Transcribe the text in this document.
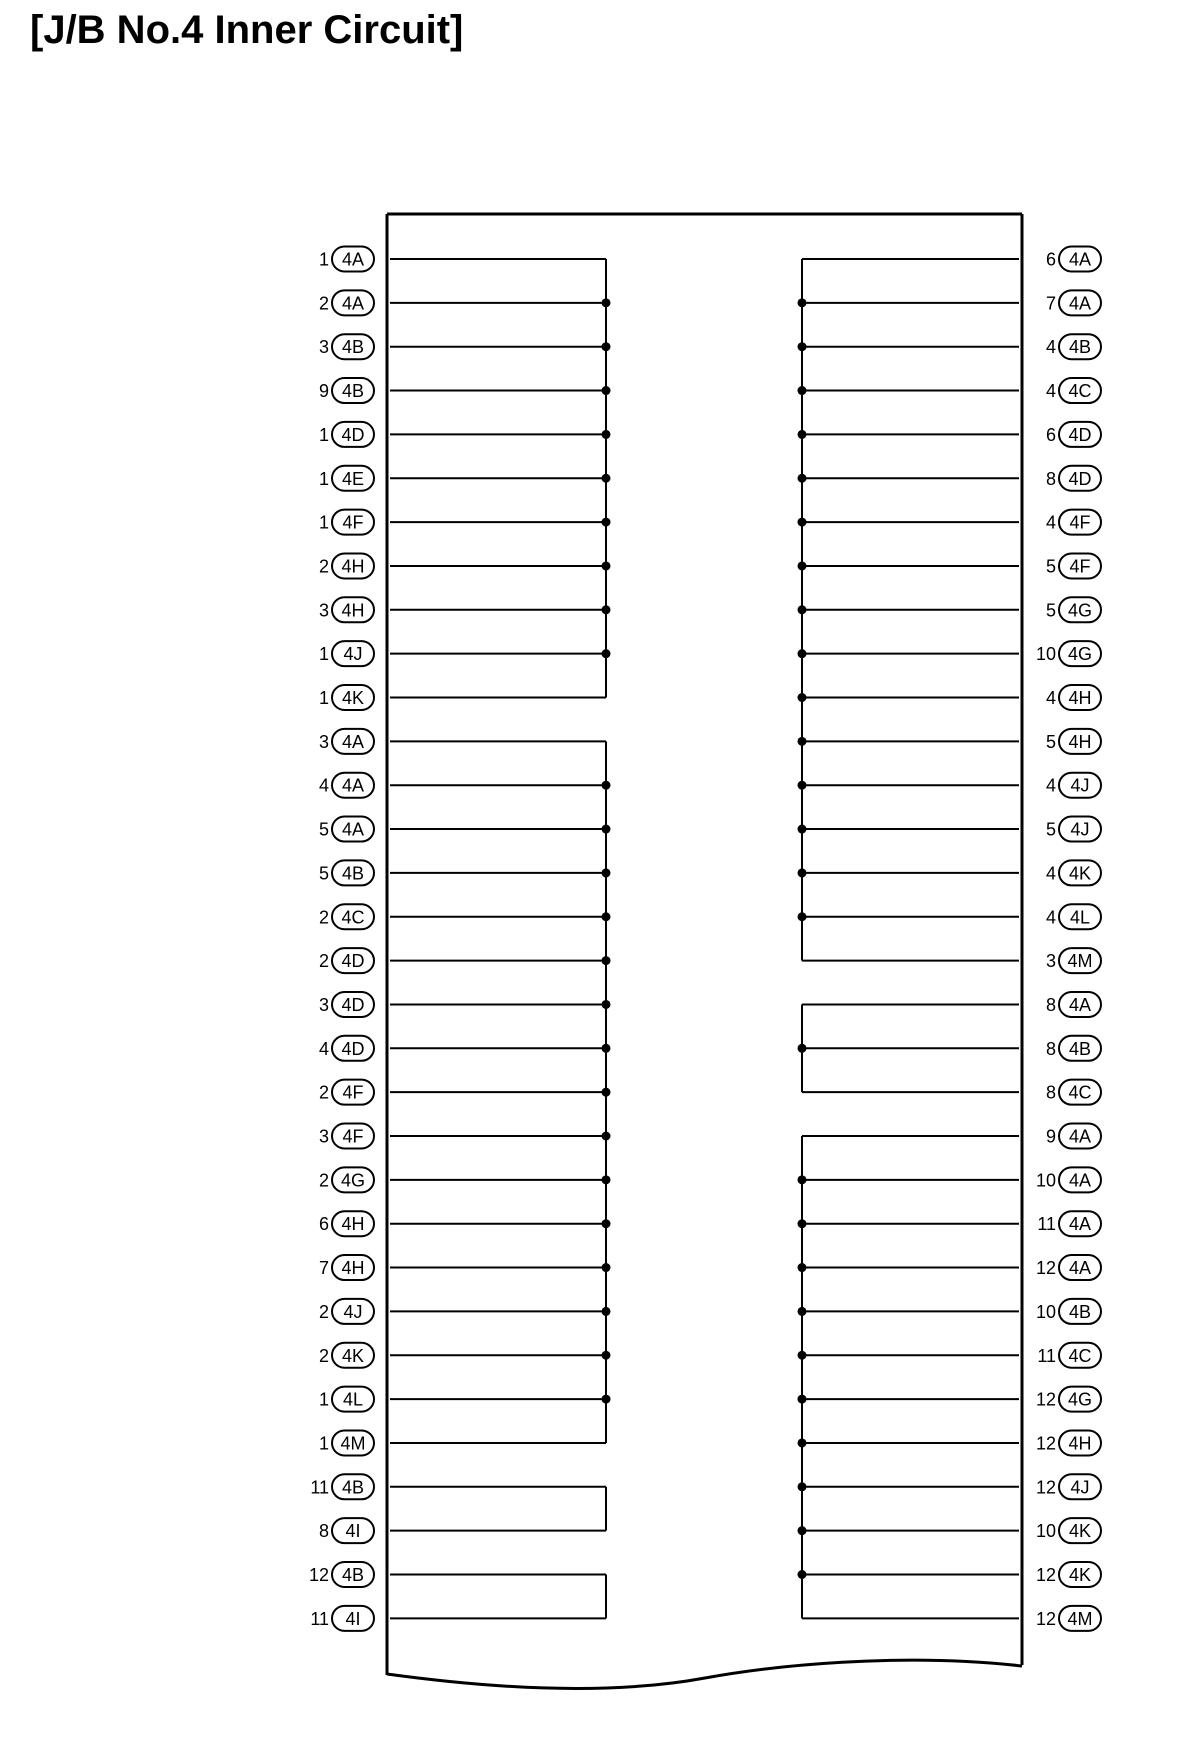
[J/B No.4 Inner Circuit]
1 4A
2 4A
3 4B
9 4B
1 4D
1 4E
1 4F
2 4H
3 4H
1 4J
1 4K
3 4A
4 4A
5 4A
5 4B
2 4C
2 4D
3 4D
4 4D
2 4F
3 4F
2 4G
6 4H
7 4H
2 4J
2 4K
1 4L
1 4M
11 4B
8 4I
12 4B
11 4I
6 4A
7 4A
4 4B
4 4C
6 4D
8 4D
4 4F
5 4F
5 4G
10 4G
4 4H
5 4H
4 4J
5 4J
4 4K
4 4L
3 4M
8 4A
8 4B
8 4C
9 4A
10 4A
11 4A
12 4A
10 4B
11 4C
12 4G
12 4H
12 4J
10 4K
12 4K
12 4M
